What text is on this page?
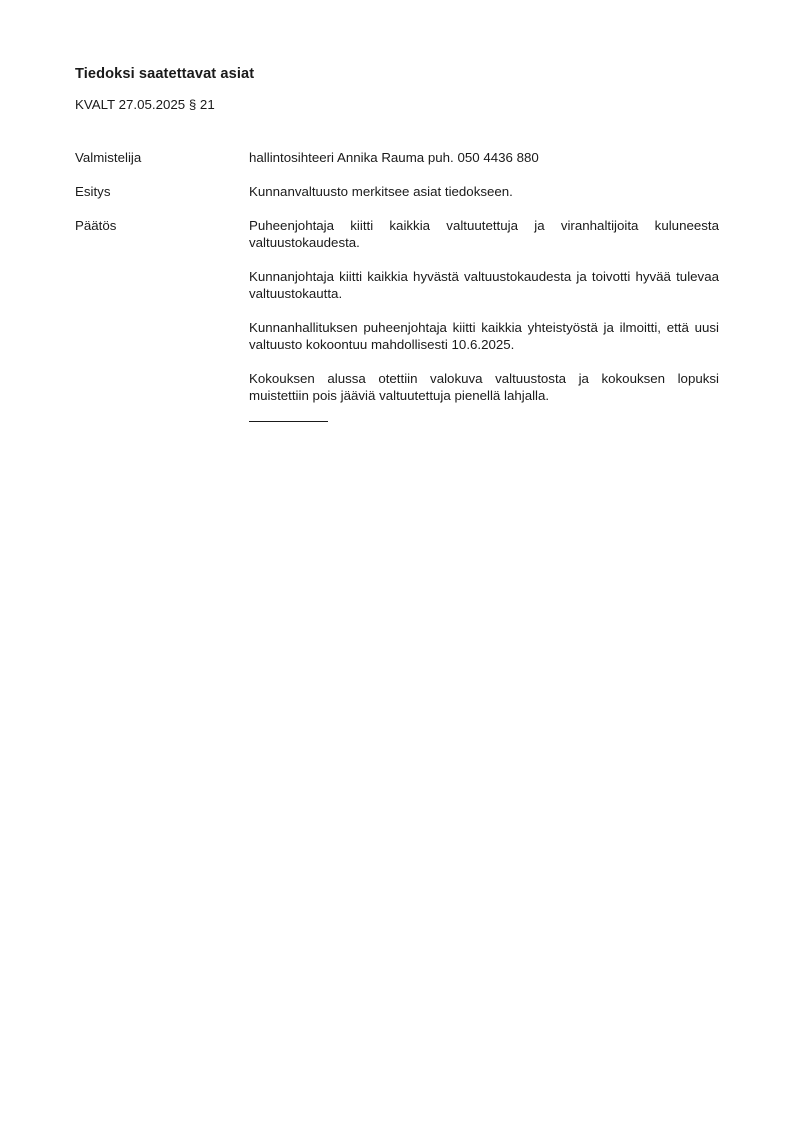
Tiedoksi saatettavat asiat

KVALT 27.05.2025 § 21

Valmistelija	hallintosihteeri Annika Rauma puh. 050 4436 880

Esitys	Kunnanvaltuusto merkitsee asiat tiedokseen.

Päätös	Puheenjohtaja kiitti kaikkia valtuutettuja ja viranhaltijoita kuluneesta valtuustokaudesta.

Kunnanjohtaja kiitti kaikkia hyvästä valtuustokaudesta ja toivotti hyvää tulevaa valtuustokautta.

Kunnanhallituksen puheenjohtaja kiitti kaikkia yhteistyöstä ja ilmoitti, että uusi valtuusto kokoontuu mahdollisesti 10.6.2025.

Kokouksen alussa otettiin valokuva valtuustosta ja kokouksen lopuksi muistettiin pois jääviä valtuutettuja pienellä lahjalla.
